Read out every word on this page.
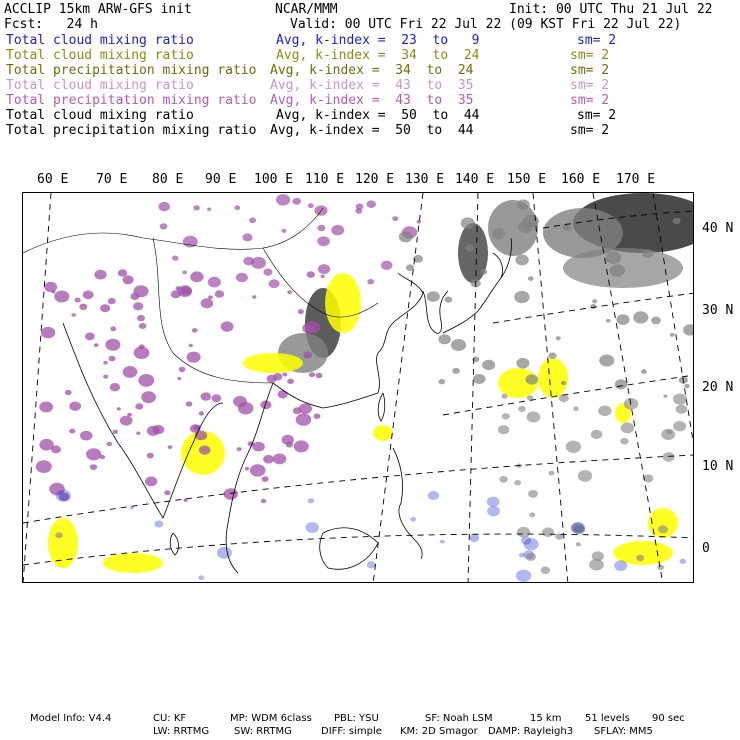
ACCLIP 15km ARW-GFS init	NCAR/MMM	Init: 00 UTC Thu 21 Jul 22
Fcst:   24 h	Valid: 00 UTC Fri 22 Jul 22 (09 KST Fri 22 Jul 22)
Total cloud mixing ratio	Avg, k-index =  23  to   9	sm= 2
Total cloud mixing ratio	Avg, k-index =  34  to  24	sm= 2
Total precipitation mixing ratio Avg, k-index =  34  to  24	sm= 2
Total cloud mixing ratio	Avg, k-index =  43  to  35	sm= 2
Total precipitation mixing ratio Avg, k-index =  43  to  35	sm= 2
Total cloud mixing ratio	Avg, k-index =  50  to  44	sm= 2
Total precipitation mixing ratio Avg, k-index =  50  to  44	sm= 2
60 E 70 E 80 E 90 E 100 E 110 E 120 E 130 E 140 E 150 E 160 E 170 E
40 N
30 N
20 N
10 N
0
Model Info: V4.4	CU: KF	MP: WDM 6class PBL: YSU	SF: Noah LSM	15 km 51 levels 90 sec
LW: RRTMG SW: RRTMG	DIFF: simple KM: 2D Smagor DAMP: Rayleigh3 SFLAY: MM5
